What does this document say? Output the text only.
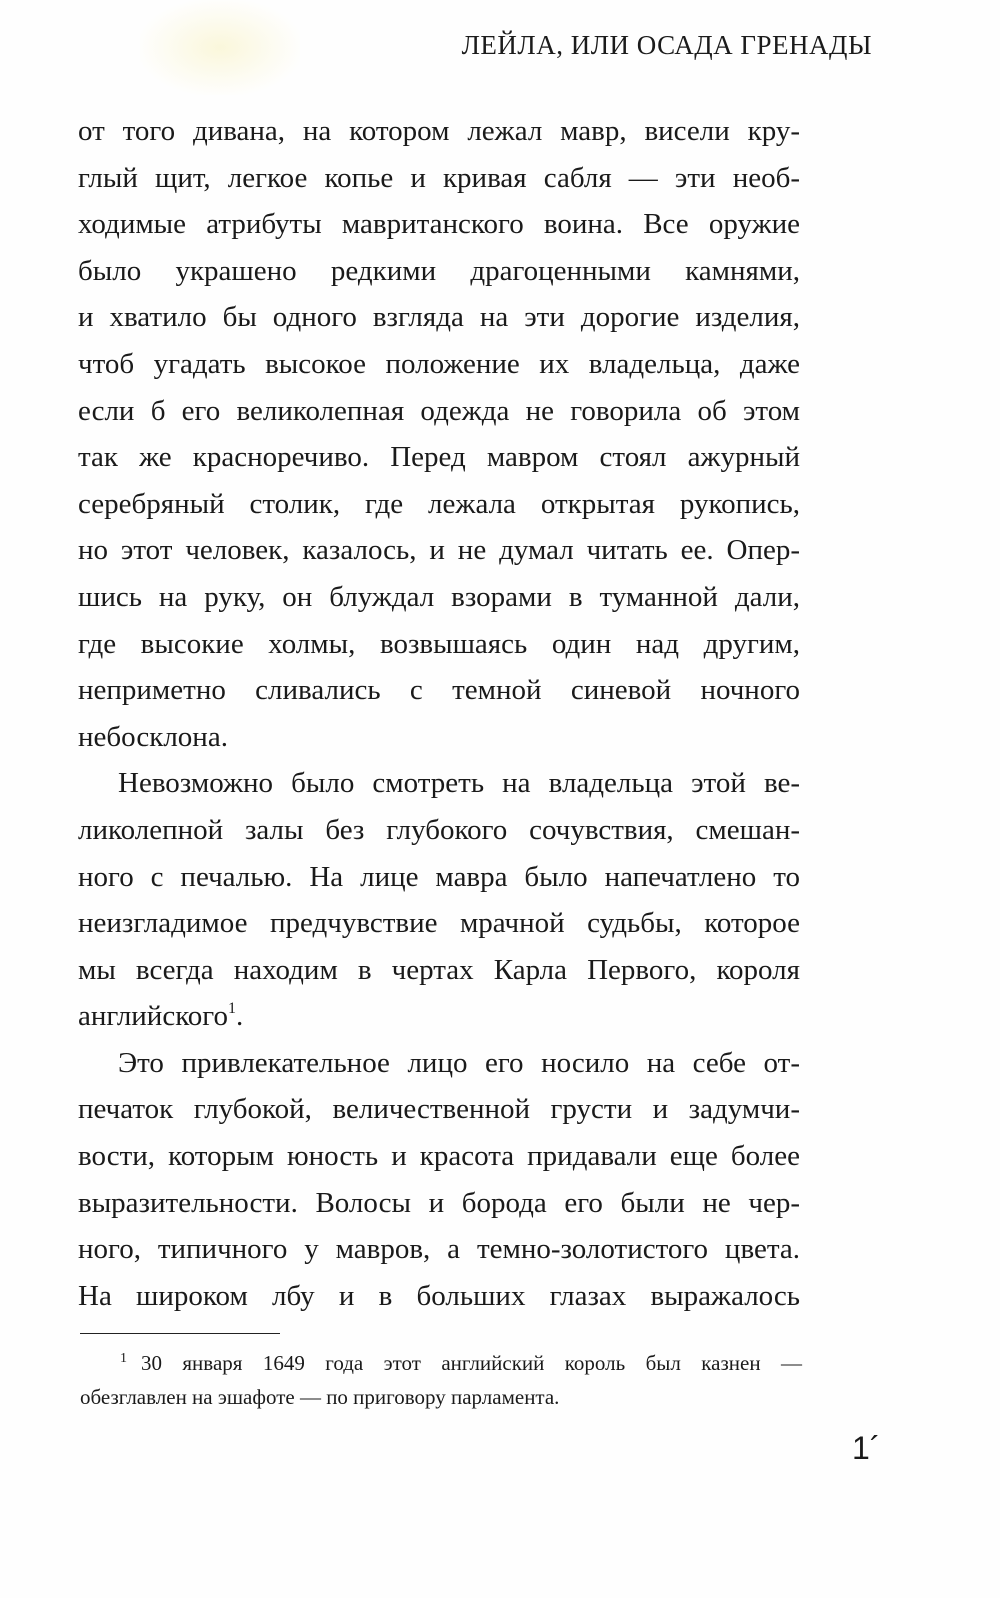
ЛЕЙЛА, ИЛИ ОСАДА ГРЕНАДЫ
от того дивана, на котором лежал мавр, висели кру-
глый щит, легкое копье и кривая сабля — эти необ-
ходимые атрибуты мавританского воина. Все оружие
было украшено редкими драгоценными камнями,
и хватило бы одного взгляда на эти дорогие изделия,
чтоб угадать высокое положение их владельца, даже
если б его великолепная одежда не говорила об этом
так же красноречиво. Перед мавром стоял ажурный
серебряный столик, где лежала открытая рукопись,
но этот человек, казалось, и не думал читать ее. Опер-
шись на руку, он блуждал взорами в туманной дали,
где высокие холмы, возвышаясь один над другим,
неприметно сливались с темной синевой ночного
небосклона.
Невозможно было смотреть на владельца этой ве-
ликолепной залы без глубокого сочувствия, смешан-
ного с печалью. На лице мавра было напечатлено то
неизгладимое предчувствие мрачной судьбы, которое
мы всегда находим в чертах Карла Первого, короля
английского$^1$.
Это привлекательное лицо его носило на себе от-
печаток глубокой, величественной грусти и задумчи-
вости, которым юность и красота придавали еще более
выразительности. Волосы и борода его были не чер-
ного, типичного у мавров, а темно-золотистого цвета.
На широком лбу и в больших глазах выражалось
$^1$ 30 января 1649 года этот английский король был казнен —
обезглавлен на эшафоте — по приговору парламента.
1´
